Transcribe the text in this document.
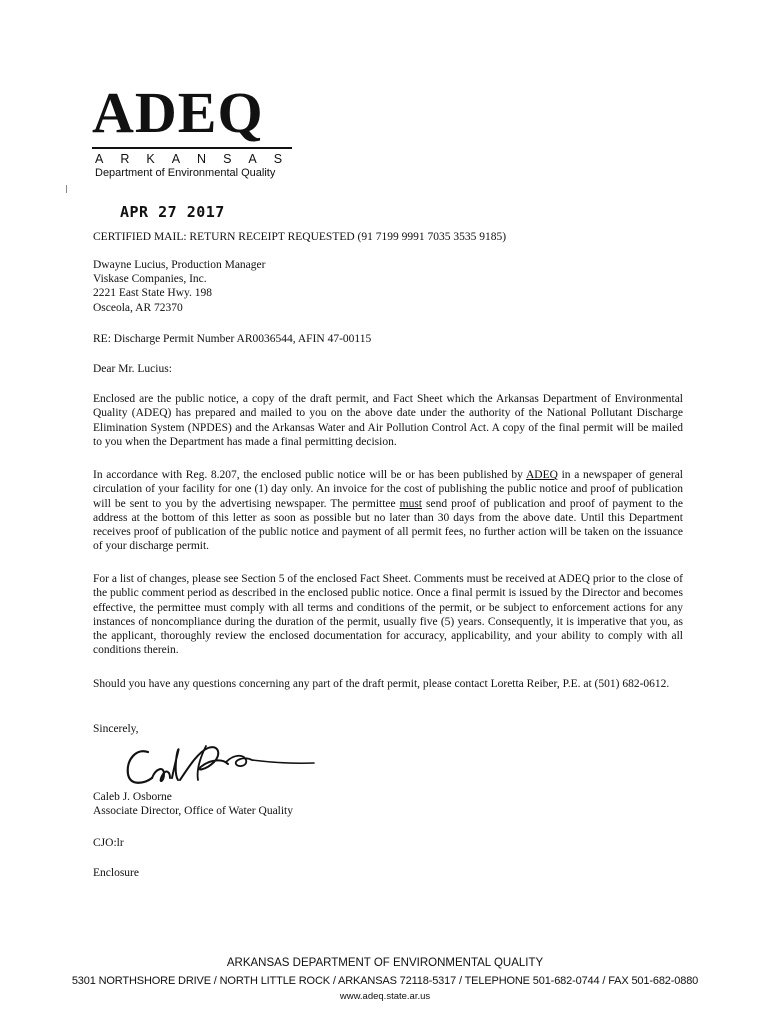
ADEQ
ARKANSAS
Department of Environmental Quality
APR 27 2017
CERTIFIED MAIL: RETURN RECEIPT REQUESTED (91 7199 9991 7035 3535 9185)
Dwayne Lucius, Production Manager
Viskase Companies, Inc.
2221 East State Hwy. 198
Osceola, AR 72370
RE: Discharge Permit Number AR0036544, AFIN 47-00115
Dear Mr. Lucius:
Enclosed are the public notice, a copy of the draft permit, and Fact Sheet which the Arkansas Department of Environmental Quality (ADEQ) has prepared and mailed to you on the above date under the authority of the National Pollutant Discharge Elimination System (NPDES) and the Arkansas Water and Air Pollution Control Act. A copy of the final permit will be mailed to you when the Department has made a final permitting decision.
In accordance with Reg. 8.207, the enclosed public notice will be or has been published by ADEQ in a newspaper of general circulation of your facility for one (1) day only. An invoice for the cost of publishing the public notice and proof of publication will be sent to you by the advertising newspaper. The permittee must send proof of publication and proof of payment to the address at the bottom of this letter as soon as possible but no later than 30 days from the above date. Until this Department receives proof of publication of the public notice and payment of all permit fees, no further action will be taken on the issuance of your discharge permit.
For a list of changes, please see Section 5 of the enclosed Fact Sheet. Comments must be received at ADEQ prior to the close of the public comment period as described in the enclosed public notice. Once a final permit is issued by the Director and becomes effective, the permittee must comply with all terms and conditions of the permit, or be subject to enforcement actions for any instances of noncompliance during the duration of the permit, usually five (5) years. Consequently, it is imperative that you, as the applicant, thoroughly review the enclosed documentation for accuracy, applicability, and your ability to comply with all conditions therein.
Should you have any questions concerning any part of the draft permit, please contact Loretta Reiber, P.E. at (501) 682-0612.
Sincerely,
Caleb J. Osborne
Associate Director, Office of Water Quality
CJO:lr
Enclosure
ARKANSAS DEPARTMENT OF ENVIRONMENTAL QUALITY
5301 NORTHSHORE DRIVE / NORTH LITTLE ROCK / ARKANSAS 72118-5317 / TELEPHONE 501-682-0744 / FAX 501-682-0880
www.adeq.state.ar.us
